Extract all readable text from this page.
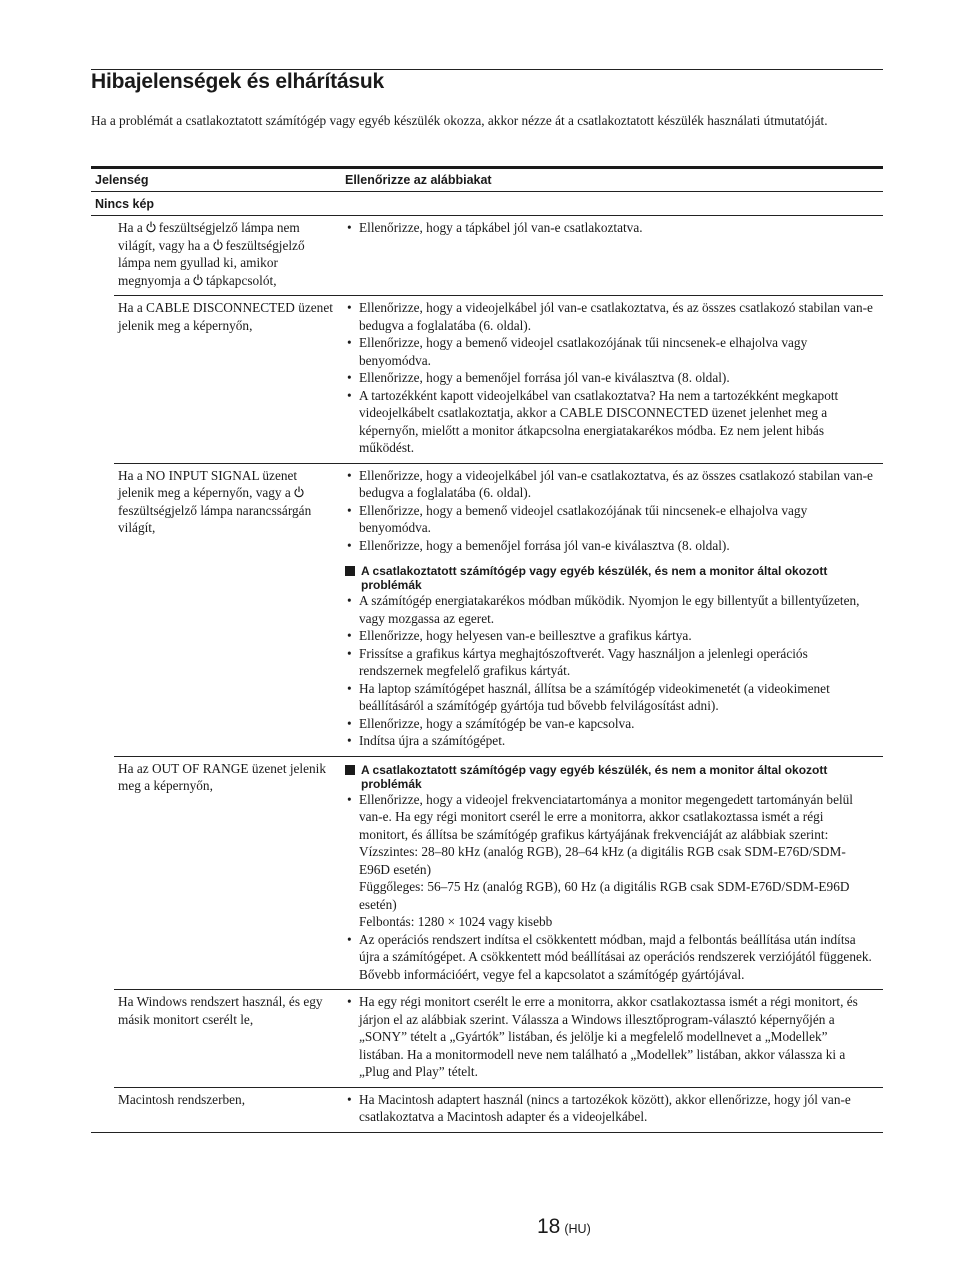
Hibajelenségek és elhárításuk
Ha a problémát a csatlakoztatott számítógép vagy egyéb készülék okozza, akkor nézze át a csatlakoztatott készülék használati útmutatóját.
Jelenség	Ellenőrizze az alábbiakat
Nincs kép
Ha a feszültségjelző lámpa nem világít, vagy ha a feszültségjelző lámpa nem gyullad ki, amikor megnyomja a tápkapcsolót,
• Ellenőrizze, hogy a tápkábel jól van-e csatlakoztatva.
Ha a CABLE DISCONNECTED üzenet jelenik meg a képernyőn,
• Ellenőrizze, hogy a videojelkábel jól van-e csatlakoztatva, és az összes csatlakozó stabilan van-e bedugva a foglalatába (6. oldal).
• Ellenőrizze, hogy a bemenő videojel csatlakozójának tűi nincsenek-e elhajolva vagy benyomódva.
• Ellenőrizze, hogy a bemenőjel forrása jól van-e kiválasztva (8. oldal).
• A tartozékként kapott videojelkábel van csatlakoztatva? Ha nem a tartozékként megkapott videojelkábelt csatlakoztatja, akkor a CABLE DISCONNECTED üzenet jelenhet meg a képernyőn, mielőtt a monitor átkapcsolna energiatakarékos módba. Ez nem jelent hibás működést.
Ha a NO INPUT SIGNAL üzenet jelenik meg a képernyőn, vagy a
feszültségjelző lámpa narancssárgán világít,
• Ellenőrizze, hogy a videojelkábel jól van-e csatlakoztatva, és az összes csatlakozó stabilan van-e bedugva a foglalatába (6. oldal).
• Ellenőrizze, hogy a bemenő videojel csatlakozójának tűi nincsenek-e elhajolva vagy benyomódva.
• Ellenőrizze, hogy a bemenőjel forrása jól van-e kiválasztva (8. oldal).
A csatlakoztatott számítógép vagy egyéb készülék, és nem a monitor által okozott problémák
• A számítógép energiatakarékos módban működik. Nyomjon le egy billentyűt a billentyűzeten, vagy mozgassa az egeret.
• Ellenőrizze, hogy helyesen van-e beillesztve a grafikus kártya.
• Frissítse a grafikus kártya meghajtószoftverét. Vagy használjon a jelenlegi operációs rendszernek megfelelő grafikus kártyát.
• Ha laptop számítógépet használ, állítsa be a számítógép videokimenetét (a videokimenet beállításáról a számítógép gyártója tud bővebb felvilágosítást adni).
• Ellenőrizze, hogy a számítógép be van-e kapcsolva.
• Indítsa újra a számítógépet.
Ha az OUT OF RANGE üzenet jelenik meg a képernyőn,
A csatlakoztatott számítógép vagy egyéb készülék, és nem a monitor által okozott problémák
• Ellenőrizze, hogy a videojel frekvenciatartománya a monitor megengedett tartományán belül van-e. Ha egy régi monitort cserél le erre a monitorra, akkor csatlakoztassa ismét a régi monitort, és állítsa be számítógép grafikus kártyájának frekvenciáját az alábbiak szerint:
Vízszintes: 28–80 kHz (analóg RGB), 28–64 kHz (a digitális RGB csak SDM-E76D/SDM-E96D esetén)
Függőleges: 56–75 Hz (analóg RGB), 60 Hz (a digitális RGB csak SDM-E76D/SDM-E96D esetén)
Felbontás: 1280 × 1024 vagy kisebb
• Az operációs rendszert indítsa el csökkentett módban, majd a felbontás beállítása után indítsa újra a számítógépet. A csökkentett mód beállításai az operációs rendszerek verziójától függenek. Bővebb információért, vegye fel a kapcsolatot a számítógép gyártójával.
Ha Windows rendszert használ, és egy másik monitort cserélt le,
• Ha egy régi monitort cserélt le erre a monitorra, akkor csatlakoztassa ismét a régi monitort, és járjon el az alábbiak szerint. Válassza a Windows illesztőprogram-választó képernyőjén a „SONY” tételt a „Gyártók” listában, és jelölje ki a megfelelő modellnevet a „Modellek” listában. Ha a monitormodell neve nem található a „Modellek” listában, akkor válassza ki a „Plug and Play” tételt.
Macintosh rendszerben,
•	Ha Macintosh adaptert használ (nincs a tartozékok között), akkor ellenőrizze, hogy jól van-e csatlakoztatva a Macintosh adapter és a videojelkábel.
18 (HU)
